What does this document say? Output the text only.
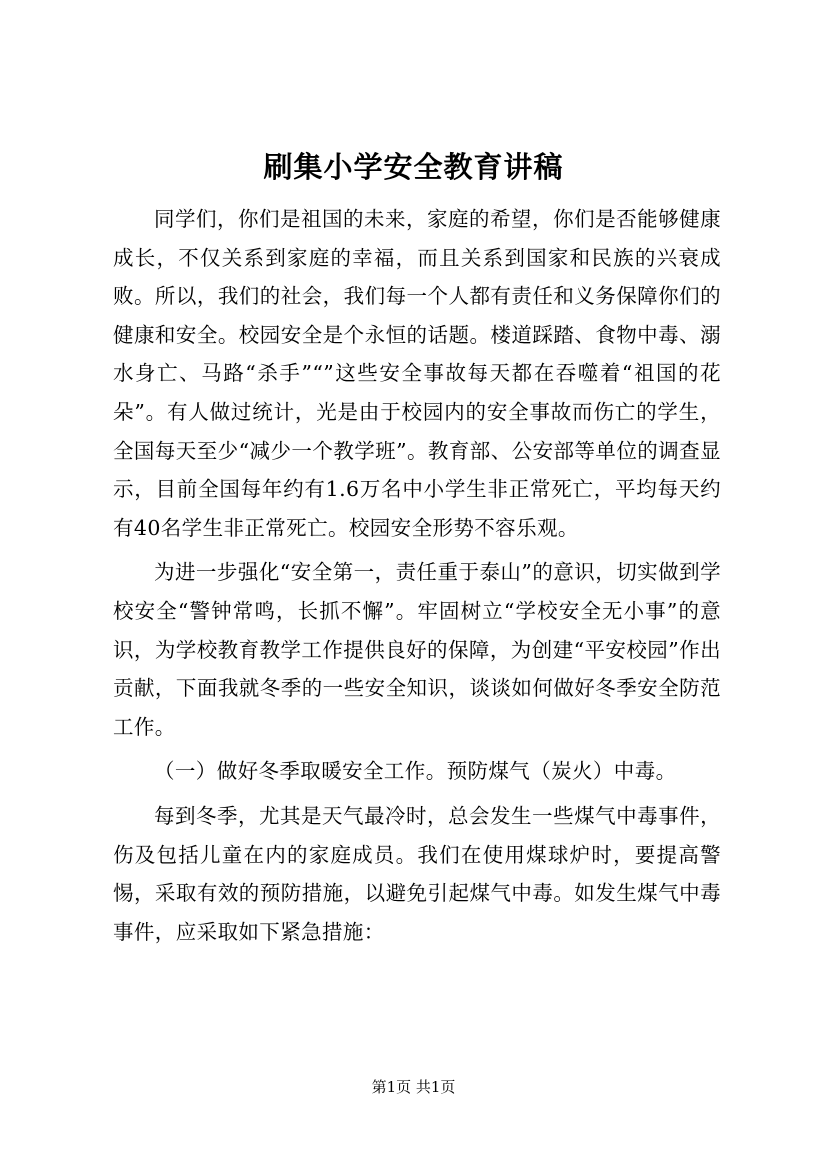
刷集小学安全教育讲稿

同学们，你们是祖国的未来，家庭的希望，你们是否能够健康成长，不仅关系到家庭的幸福，而且关系到国家和民族的兴衰成败。所以，我们的社会，我们每一个人都有责任和义务保障你们的健康和安全。校园安全是个永恒的话题。楼道踩踏、食物中毒、溺水身亡、马路“杀手”“”这些安全事故每天都在吞噬着“祖国的花朵”。有人做过统计，光是由于校园内的安全事故而伤亡的学生，全国每天至少“减少一个教学班”。教育部、公安部等单位的调查显示，目前全国每年约有1.6万名中小学生非正常死亡，平均每天约有40名学生非正常死亡。校园安全形势不容乐观。

为进一步强化“安全第一，责任重于泰山”的意识，切实做到学校安全“警钟常鸣，长抓不懈”。牢固树立“学校安全无小事”的意识，为学校教育教学工作提供良好的保障，为创建“平安校园”作出贡献，下面我就冬季的一些安全知识，谈谈如何做好冬季安全防范工作。

（一）做好冬季取暖安全工作。预防煤气（炭火）中毒。

每到冬季，尤其是天气最冷时，总会发生一些煤气中毒事件，伤及包括儿童在内的家庭成员。我们在使用煤球炉时，要提高警惕，采取有效的预防措施，以避免引起煤气中毒。如发生煤气中毒事件，应采取如下紧急措施：

第1页 共1页
